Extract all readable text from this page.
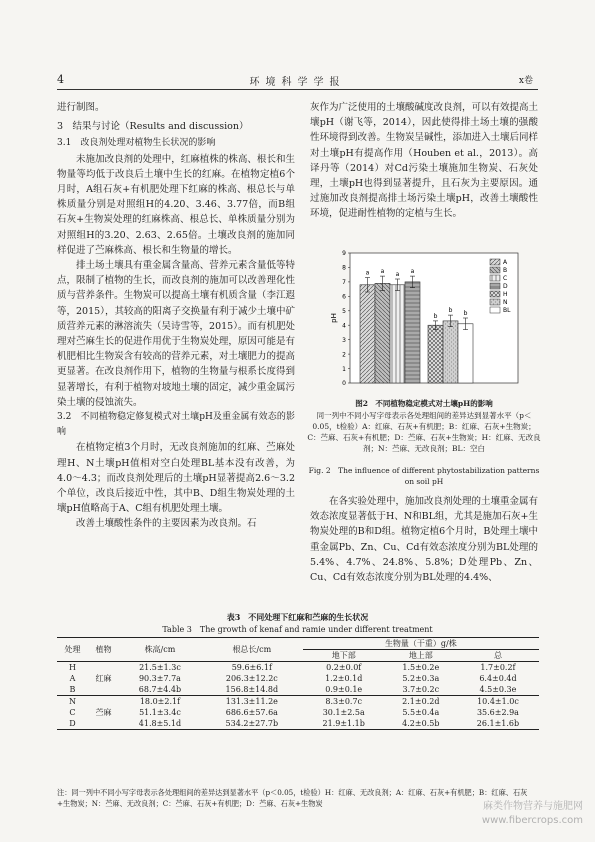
4	环境科学学报	x卷

进行制图。

3　结果与讨论（Results and discussion）
3.1　改良剂处理对植物生长状况的影响

未施加改良剂的处理中，红麻植株的株高、根长和生物量等均低于改良后土壤中生长的红麻。在植物定植6个月时，A组石灰+有机肥处理下红麻的株高、根总长与单株质量分别是对照组H的4.20、3.46、3.77倍，而B组石灰+生物炭处理的红麻株高、根总长、单株质量分别为对照组H的3.20、2.63、2.65倍。土壤改良剂的施加同样促进了苎麻株高、根长和生物量的增长。

排土场土壤具有重金属含量高、营养元素含量低等特点，限制了植物的生长，而改良剂的施加可以改善理化性质与营养条件。生物炭可以提高土壤有机质含量（李江遐等，2015），其较高的阳离子交换量有利于减少土壤中矿质营养元素的淋溶流失（吴诗雪等，2015）。而有机肥处理对苎麻生长的促进作用优于生物炭处理，原因可能是有机肥相比生物炭含有较高的营养元素，对土壤肥力的提高更显著。在改良剂作用下，植物的生物量与根系长度得到显著增长，有利于植物对坡地土壤的固定，减少重金属污染土壤的侵蚀流失。

3.2　不同植物稳定修复模式对土壤pH及重金属有效态的影响

在植物定植3个月时，无改良剂施加的红麻、苎麻处理H、N土壤pH值相对空白处理BL基本没有改善，为4.0～4.3；而改良剂处理后的土壤pH显著提高2.6～3.2个单位，改良后接近中性，其中B、D组生物炭处理的土壤pH值略高于A、C组有机肥处理土壤。

改善土壤酸性条件的主要因素为改良剂。石

灰作为广泛使用的土壤酸碱度改良剂，可以有效提高土壤pH（谢飞等，2014），因此使得排土场土壤的强酸性环境得到改善。生物炭呈碱性，添加进入土壤后同样对土壤pH有提高作用（Houben et al.，2013）。高译丹等（2014）对Cd污染土壤施加生物炭、石灰处理，土壤pH也得到显著提升，且石灰为主要原因。通过施加改良剂提高排土场污染土壤pH，改善土壤酸性环境，促进耐性植物的定植与生长。

0
1
2
3
4
5
6
7
8
9
pH
a a a a
b
b b
A
B
C
D
H
N
BL
图2　不同植物稳定模式对土壤pH的影响
同一列中不同小写字母表示各处理组间的差异达到显著水平（p＜0.05，t检验）A：红麻、石灰+有机肥；B：红麻、石灰+生物炭；C：苎麻、石灰+有机肥；D：苎麻、石灰+生物炭；H：红麻、无改良剂；N：苎麻、无改良剂；BL：空白
Fig. 2　The influence of different phytostabilization patterns on soil pH

在各实验处理中，施加改良剂处理的土壤重金属有效态浓度显著低于H、N和BL组，尤其是施加石灰+生物炭处理的B和D组。植物定植6个月时，B处理土壤中重金属Pb、Zn、Cu、Cd有效态浓度分别为BL处理的5.4%、4.7%、24.8%、5.8%；D处理Pb、Zn、Cu、Cd有效态浓度分别为BL处理的4.4%、

表3　不同处理下红麻和苎麻的生长状况
Table 3　The growth of kenaf and ramie under different treatment
处理	植物	株高/cm	根总长/cm	生物量（干重）g/株		
				地下部	地上部	总
H	红麻	21.5±1.3c	59.6±6.1f	0.2±0.0f	1.5±0.2e	1.7±0.2f
A		90.3±7.7a	206.3±12.2c	1.2±0.1d	5.2±0.3a	6.4±0.4d
B		68.7±4.4b	156.8±14.8d	0.9±0.1e	3.7±0.2c	4.5±0.3e
N	苎麻	18.0±2.1f	131.3±11.2e	8.3±0.7c	2.1±0.2d	10.4±1.0c
C		51.1±3.4c	686.6±57.6a	30.1±2.5a	5.5±0.4a	35.6±2.9a
D		41.8±5.1d	534.2±27.7b	21.9±1.1b	4.2±0.5b	26.1±1.6b
注：同一列中不同小写字母表示各处理组间的差异达到显著水平（p＜0.05，t检验）H：红麻、无改良剂；A：红麻、石灰+有机肥；B：红麻、石灰+生物炭；N：苎麻、无改良剂；C：苎麻、石灰+有机肥；D：苎麻、石灰+生物炭	麻类作物营养与施肥网
www.fibercrops.com
